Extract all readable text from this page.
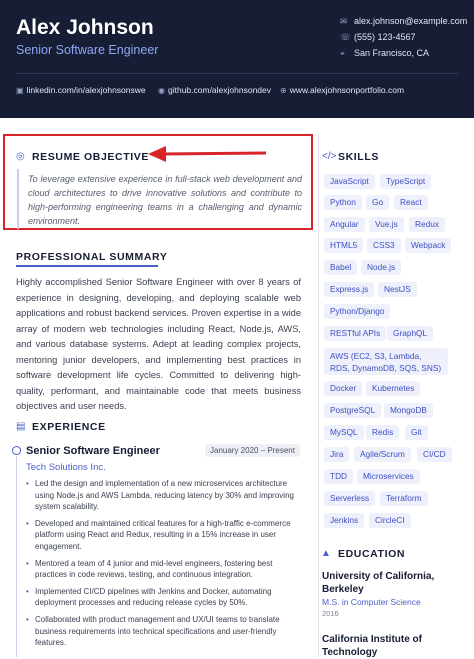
Alex Johnson
Senior Software Engineer
✉ alex.johnson@example.com
☏ (555) 123-4567
⌖ San Francisco, CA
▣ linkedin.com/in/alexjohnsonswe ◉ github.com/alexjohnsondev ⊕ www.alexjohnsonportfolio.com
◎ RESUME OBJECTIVE
To leverage extensive experience in full-stack web development and cloud architectures to drive innovative solutions and contribute to high-performing engineering teams in a challenging and dynamic environment.
PROFESSIONAL SUMMARY
Highly accomplished Senior Software Engineer with over 8 years of experience in designing, developing, and deploying scalable web applications and robust backend services. Proven expertise in a wide array of modern web technologies including React, Node.js, AWS, and various database systems. Adept at leading complex projects, mentoring junior developers, and implementing best practices in software development life cycles. Committed to delivering high-quality, performant, and maintainable code that meets business objectives and user needs.
▤ EXPERIENCE
Senior Software Engineer	January 2020 – Present
Tech Solutions Inc.
• Led the design and implementation of a new microservices architecture using Node.js and AWS Lambda, reducing latency by 30% and improving system scalability.
• Developed and maintained critical features for a high-traffic e-commerce platform using React and Redux, resulting in a 15% increase in user engagement.
• Mentored a team of 4 junior and mid-level engineers, fostering best practices in code reviews, testing, and continuous integration.
• Implemented CI/CD pipelines with Jenkins and Docker, automating deployment processes and reducing release cycles by 50%.
• Collaborated with product management and UX/UI teams to translate business requirements into technical specifications and user-friendly features.
</> SKILLS
JavaScript	TypeScript
Python	Go	React
Angular	Vue.js	Redux
HTML5	CSS3	Webpack
Babel	Node.js
Express.js	NestJS
Python/Django
RESTful APIs	GraphQL
AWS (EC2, S3, Lambda, RDS, DynamoDB, SQS, SNS)
Docker	Kubernetes
PostgreSQL	MongoDB
MySQL	Redis	Git
Jira	Agile/Scrum	CI/CD
TDD	Microservices
Serverless	Terraform
Jenkins	CircleCI
▲ EDUCATION
University of California, Berkeley
M.S. in Computer Science
2016
California Institute of Technology
